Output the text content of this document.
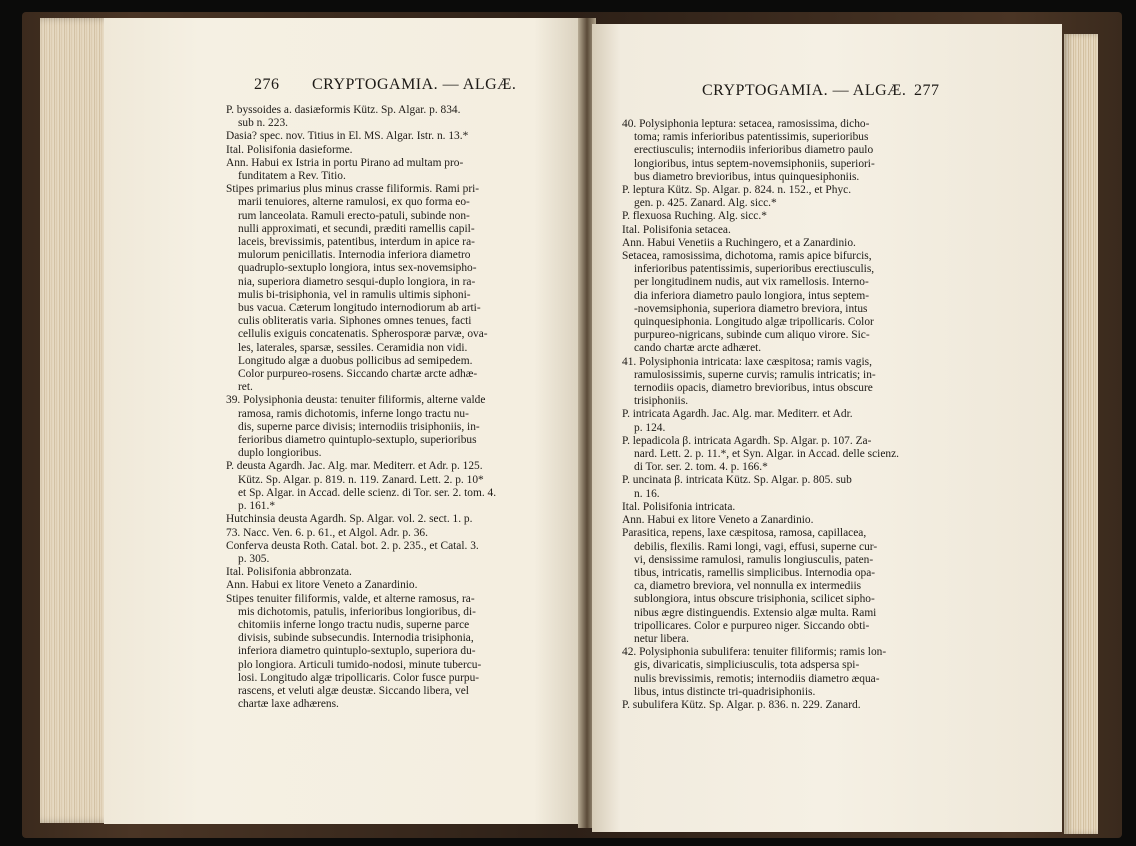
276 CRYPTOGAMIA. — ALGÆ.
P. byssoides a. dasiæformis Kütz. Sp. Algar. p. 834.
sub n. 223.
Dasia? spec. nov. Titius in El. MS. Algar. Istr. n. 13.*
Ital. Polisifonia dasieforme.
Ann. Habui ex Istria in portu Pirano ad multam pro-
funditatem a Rev. Titio.
Stipes primarius plus minus crasse filiformis. Rami pri-
marii tenuiores, alterne ramulosi, ex quo forma eo-
rum lanceolata. Ramuli erecto-patuli, subinde non-
nulli approximati, et secundi, præditi ramellis capil-
laceis, brevissimis, patentibus, interdum in apice ra-
mulorum penicillatis. Internodia inferiora diametro
quadruplo-sextuplo longiora, intus sex-novemsipho-
nia, superiora diametro sesqui-duplo longiora, in ra-
mulis bi-trisiphonia, vel in ramulis ultimis siphoni-
bus vacua. Cæterum longitudo internodiorum ab arti-
culis obliteratis varia. Siphones omnes tenues, facti
cellulis exiguis concatenatis. Spherosporæ parvæ, ova-
les, laterales, sparsæ, sessiles. Ceramidia non vidi.
Longitudo algæ a duobus pollicibus ad semipedem.
Color purpureo-rosens. Siccando chartæ arcte adhæ-
ret.
39. Polysiphonia deusta: tenuiter filiformis, alterne valde
ramosa, ramis dichotomis, inferne longo tractu nu-
dis, superne parce divisis; internodiis trisiphoniis, in-
ferioribus diametro quintuplo-sextuplo, superioribus
duplo longioribus.
P. deusta Agardh. Jac. Alg. mar. Mediterr. et Adr. p. 125.
Kütz. Sp. Algar. p. 819. n. 119. Zanard. Lett. 2. p. 10*
et Sp. Algar. in Accad. delle scienz. di Tor. ser. 2. tom. 4.
p. 161.*
Hutchinsia deusta Agardh. Sp. Algar. vol. 2. sect. 1. p.
73. Nacc. Ven. 6. p. 61., et Algol. Adr. p. 36.
Conferva deusta Roth. Catal. bot. 2. p. 235., et Catal. 3.
p. 305.
Ital. Polisifonia abbronzata.
Ann. Habui ex litore Veneto a Zanardinio.
Stipes tenuiter filiformis, valde, et alterne ramosus, ra-
mis dichotomis, patulis, inferioribus longioribus, di-
chitomiis inferne longo tractu nudis, superne parce
divisis, subinde subsecundis. Internodia trisiphonia,
inferiora diametro quintuplo-sextuplo, superiora du-
plo longiora. Articuli tumido-nodosi, minute tubercu-
losi. Longitudo algæ tripollicaris. Color fusce purpu-
rascens, et veluti algæ deustæ. Siccando libera, vel
chartæ laxe adhærens.
CRYPTOGAMIA. — ALGÆ. 277
40. Polysiphonia leptura: setacea, ramosissima, dicho-
toma; ramis inferioribus patentissimis, superioribus
erectiusculis; internodiis inferioribus diametro paulo
longioribus, intus septem-novemsiphoniis, superiori-
bus diametro brevioribus, intus quinquesiphoniis.
P. leptura Kütz. Sp. Algar. p. 824. n. 152., et Phyc.
gen. p. 425. Zanard. Alg. sicc.*
P. flexuosa Ruching. Alg. sicc.*
Ital. Polisifonia setacea.
Ann. Habui Venetiis a Ruchingero, et a Zanardinio.
Setacea, ramosissima, dichotoma, ramis apice bifurcis,
inferioribus patentissimis, superioribus erectiusculis,
per longitudinem nudis, aut vix ramellosis. Interno-
dia inferiora diametro paulo longiora, intus septem-
-novemsiphonia, superiora diametro breviora, intus
quinquesiphonia. Longitudo algæ tripollicaris. Color
purpureo-nigricans, subinde cum aliquo virore. Sic-
cando chartæ arcte adhæret.
41. Polysiphonia intricata: laxe cæspitosa; ramis vagis,
ramulosissimis, superne curvis; ramulis intricatis; in-
ternodiis opacis, diametro brevioribus, intus obscure
trisiphoniis.
P. intricata Agardh. Jac. Alg. mar. Mediterr. et Adr.
p. 124.
P. lepadicola β. intricata Agardh. Sp. Algar. p. 107. Za-
nard. Lett. 2. p. 11.*, et Syn. Algar. in Accad. delle scienz.
di Tor. ser. 2. tom. 4. p. 166.*
P. uncinata β. intricata Kütz. Sp. Algar. p. 805. sub
n. 16.
Ital. Polisifonia intricata.
Ann. Habui ex litore Veneto a Zanardinio.
Parasitica, repens, laxe cæspitosa, ramosa, capillacea,
debilis, flexilis. Rami longi, vagi, effusi, superne cur-
vi, densissime ramulosi, ramulis longiusculis, paten-
tibus, intricatis, ramellis simplicibus. Internodia opa-
ca, diametro breviora, vel nonnulla ex intermediis
sublongiora, intus obscure trisiphonia, scilicet sipho-
nibus ægre distinguendis. Extensio algæ multa. Rami
tripollicares. Color e purpureo niger. Siccando obti-
netur libera.
42. Polysiphonia subulifera: tenuiter filiformis; ramis lon-
gis, divaricatis, simpliciusculis, tota adspersa spi-
nulis brevissimis, remotis; internodiis diametro æqua-
libus, intus distincte tri-quadrisiphoniis.
P. subulifera Kütz. Sp. Algar. p. 836. n. 229. Zanard.
